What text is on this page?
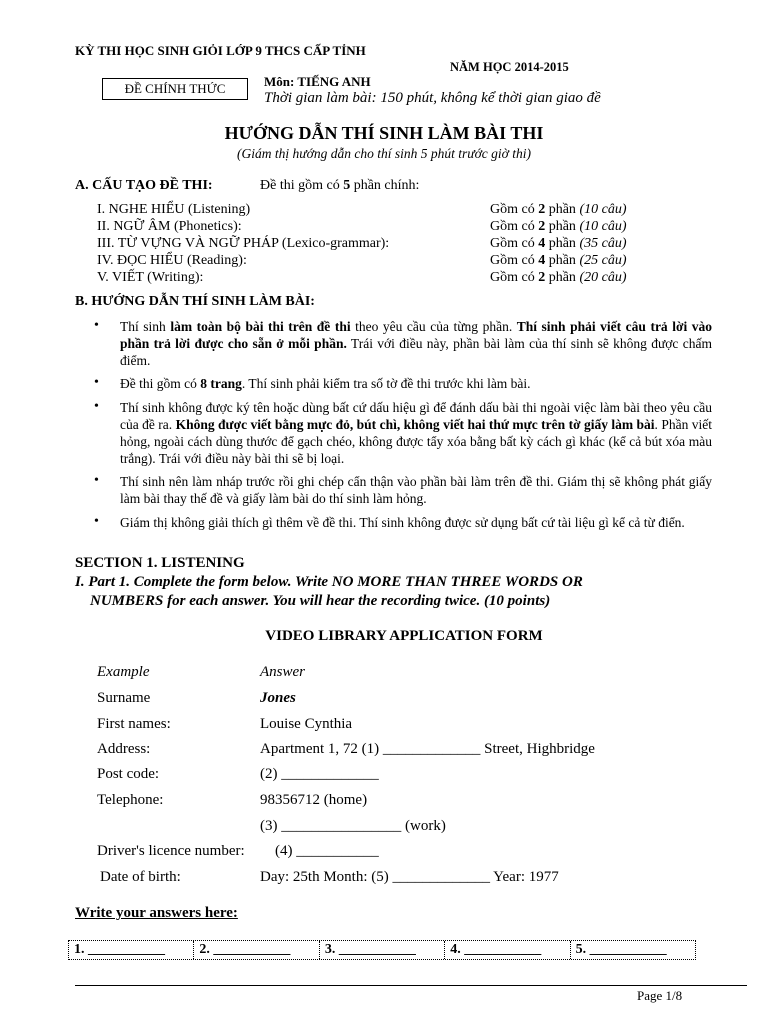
KỲ THI HỌC SINH GIỎI LỚP 9 THCS CẤP TỈNH
NĂM HỌC 2014-2015
ĐỀ CHÍNH THỨC	Môn: TIẾNG ANH
Thời gian làm bài: 150 phút, không kể thời gian giao đề
HƯỚNG DẪN THÍ SINH LÀM BÀI THI
(Giám thị hướng dẫn cho thí sinh 5 phút trước giờ thi)
A. CẤU TẠO ĐỀ THI:	Đề thi gồm có 5 phần chính:
I. NGHE HIỂU (Listening)	Gồm có 2 phần (10 câu)
II. NGỮ ÂM (Phonetics):	Gồm có 2 phần (10 câu)
III. TỪ VỰNG VÀ NGỮ PHÁP (Lexico-grammar):	Gồm có 4 phần (35 câu)
IV. ĐỌC HIỂU (Reading):	Gồm có 4 phần (25 câu)
V. VIẾT (Writing):	Gồm có 2 phần (20 câu)
B. HƯỚNG DẪN THÍ SINH LÀM BÀI:
• Thí sinh làm toàn bộ bài thi trên đề thi theo yêu cầu của từng phần. Thí sinh phải viết câu trả lời vào phần trả lời được cho sẵn ở mỗi phần. Trái với điều này, phần bài làm của thí sinh sẽ không được chấm điểm.
• Đề thi gồm có 8 trang. Thí sinh phải kiểm tra số tờ đề thi trước khi làm bài.
• Thí sinh không được ký tên hoặc dùng bất cứ dấu hiệu gì để đánh dấu bài thi ngoài việc làm bài theo yêu cầu của đề ra. Không được viết bằng mực đỏ, bút chì, không viết hai thứ mực trên tờ giấy làm bài. Phần viết hỏng, ngoài cách dùng thước để gạch chéo, không được tẩy xóa bằng bất kỳ cách gì khác (kể cả bút xóa màu trắng). Trái với điều này bài thi sẽ bị loại.
• Thí sinh nên làm nháp trước rồi ghi chép cẩn thận vào phần bài làm trên đề thi. Giám thị sẽ không phát giấy làm bài thay thế đề và giấy làm bài do thí sinh làm hỏng.
• Giám thị không giải thích gì thêm về đề thi. Thí sinh không được sử dụng bất cứ tài liệu gì kể cả từ điển.
SECTION 1. LISTENING
I. Part 1. Complete the form below. Write NO MORE THAN THREE WORDS OR
NUMBERS for each answer. You will hear the recording twice. (10 points)
VIDEO LIBRARY APPLICATION FORM
Example	Answer
Surname	Jones
First names:	Louise Cynthia
Address:	Apartment 1, 72 (1) _____________ Street, Highbridge
Post code:	(2) _____________
Telephone:	98356712 (home)
(3) ________________ (work)
Driver's licence number: (4) ___________
Date of birth:	Day: 25th Month: (5) _____________ Year: 1977
Write your answers here:
1. ___________	2. ___________	3. ___________	4. ___________	5. ___________
Page 1/8
